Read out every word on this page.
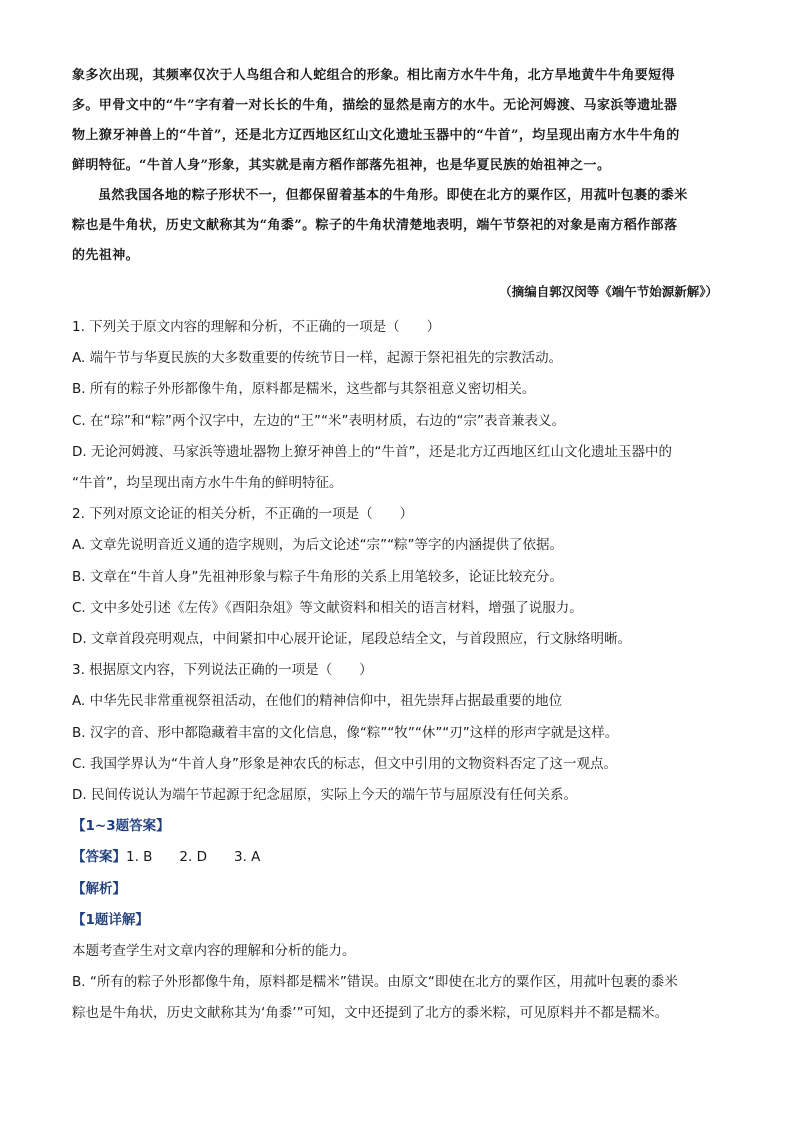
象多次出现，其频率仅次于人鸟组合和人蛇组合的形象。相比南方水牛牛角，北方旱地黄牛牛角要短得
多。甲骨文中的“牛”字有着一对长长的牛角，描绘的显然是南方的水牛。无论河姆渡、马家浜等遗址器
物上獠牙神兽上的“牛首”，还是北方辽西地区红山文化遗址玉器中的“牛首”，均呈现出南方水牛牛角的
鲜明特征。“牛首人身”形象，其实就是南方稻作部落先祖神，也是华夏民族的始祖神之一。

虽然我国各地的粽子形状不一，但都保留着基本的牛角形。即使在北方的粟作区，用菰叶包裹的黍米
粽也是牛角状，历史文献称其为“角黍”。粽子的牛角状清楚地表明，端午节祭祀的对象是南方稻作部落
的先祖神。

（摘编自郭汉闵等《端午节始源新解》）
1. 下列关于原文内容的理解和分析，不正确的一项是（　　）
A. 端午节与华夏民族的大多数重要的传统节日一样，起源于祭祀祖先的宗教活动。
B. 所有的粽子外形都像牛角，原料都是糯米，这些都与其祭祖意义密切相关。
C. 在“琮”和“粽”两个汉字中，左边的“王”“米”表明材质，右边的“宗”表音兼表义。
D. 无论河姆渡、马家浜等遗址器物上獠牙神兽上的“牛首”，还是北方辽西地区红山文化遗址玉器中的
“牛首”，均呈现出南方水牛牛角的鲜明特征。
2. 下列对原文论证的相关分析，不正确的一项是（　　）
A. 文章先说明音近义通的造字规则，为后文论述“宗”“粽”等字的内涵提供了依据。
B. 文章在“牛首人身”先祖神形象与粽子牛角形的关系上用笔较多，论证比较充分。
C. 文中多处引述《左传》《酉阳杂俎》等文献资料和相关的语言材料，增强了说服力。
D. 文章首段亮明观点，中间紧扣中心展开论证，尾段总结全文，与首段照应，行文脉络明晰。
3. 根据原文内容，下列说法正确的一项是（　　）
A. 中华先民非常重视祭祖活动，在他们的精神信仰中，祖先崇拜占据最重要的地位
B. 汉字的音、形中都隐藏着丰富的文化信息，像“粽”“牧”“休”“刃”这样的形声字就是这样。
C. 我国学界认为“牛首人身”形象是神农氏的标志，但文中引用的文物资料否定了这一观点。
D. 民间传说认为端午节起源于纪念屈原，实际上今天的端午节与屈原没有任何关系。
【1~3题答案】
【答案】1. B　　2. D　　3. A
【解析】
【1题详解】
本题考查学生对文章内容的理解和分析的能力。
B. “所有的粽子外形都像牛角，原料都是糯米”错误。由原文“即使在北方的粟作区，用菰叶包裹的黍米
粽也是牛角状，历史文献称其为‘角黍’”可知，文中还提到了北方的黍米粽，可见原料并不都是糯米。
